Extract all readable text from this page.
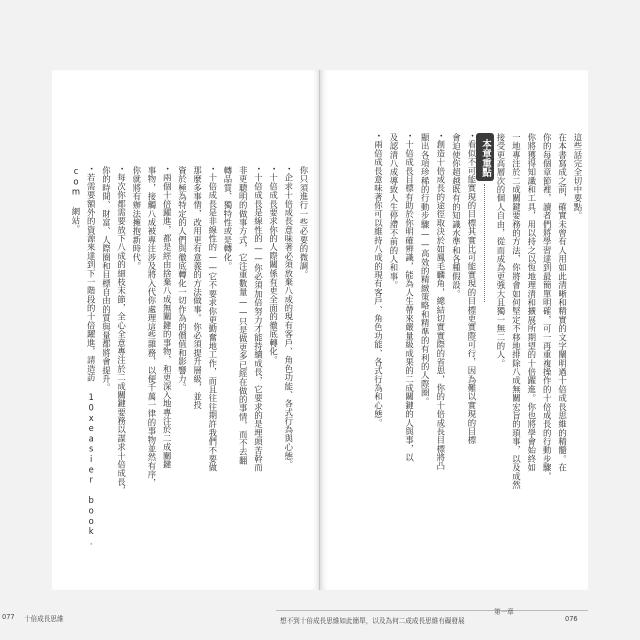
077 十倍成長思維
你只須進行一些必要的微調。
• 企求十倍成長意味著必須放棄八成的現有客戶、角色功能、各式行為與心態。
• 十倍成長要求你的人際關係有更全面的徹底轉化。
• 十倍成長是線性的——你必須加倍努力才能持續成長，它要求的是埋頭苦幹而
非更聰明的做事方式，它注重數量——只是做更多已經在做的事情，而不去翻
轉品質、獨特性或是轉化。
• 十倍成長是非線性的——它不要求你更勤奮地工作，而且往往期許我們不要做
那麼多事情，改用更有意義的方法做事。你必須提升層級，並投
資於極為特定的人們與徹底轉化一切作為的價值和影響力。
• 兩個十倍躍進，都是經由捨棄八成無關鍵的事物，和更深入地專注於二成關鍵
事物，接觸八成被專注涉及將入代你處理這些雜務，以便千萬一律的事物並然有序，
你就將有辦法擁抱新時代。
• 每次你都需要放下八成的細枝末節，全心全意專注於二成關鍵要務以謀求十倍成長，
你的時間、財富、人際圈和目標自由的質與量都將會提升。
• 若需要額外的資源來達到下一階段的十倍躍進，請造訪 10xeasier book.
com 網站。
本章重點
第一章
想不到十倍成長思維如此簡單，以及為何二成成長思維有礙發展	076
這些話完全切中要點。
在本書寫成之前，確實未曾有人用如此清晰和精實的文字闡明過十倍成長思維的精髓。在
你的每個章節裡，讀者們將學習達到最簡單明確，可一再重複操作的十倍成長的行動步驟，
你將獲得知識和工具，用以持之以恆地理清和擴展所期望的十倍躍進。你也將學會始終如
一地專注於二成關鍵要務的方法，你將會如何堅定不移地排除八成無關宏旨的瑣事，以及成然
接受更高層次的個人自由，從而成為更強大且獨一無二的人。
• 看似不可能實現的目標其實比可能實現的目標更實際可行，因為難以實現的目標
會迫使你超越既有的知識水準和各種假設。
• 創造十倍成長的途徑取決於如鳳毛麟角，總結切實實際的省思，你的十倍成長目標將凸
顯出各項珍稀的行動步驟——高效的精緻策略和精準的有利的人際圈。
• 十倍成長目標有助於你明確辨識，能為人生帶來嚴量級成果的二成關鍵的人與事，以
及認清八成導致人生停滯不前的人和事。
• 兩倍成長意味著你可以維持八成的現有客戶、角色功能、各式行為和心態。
